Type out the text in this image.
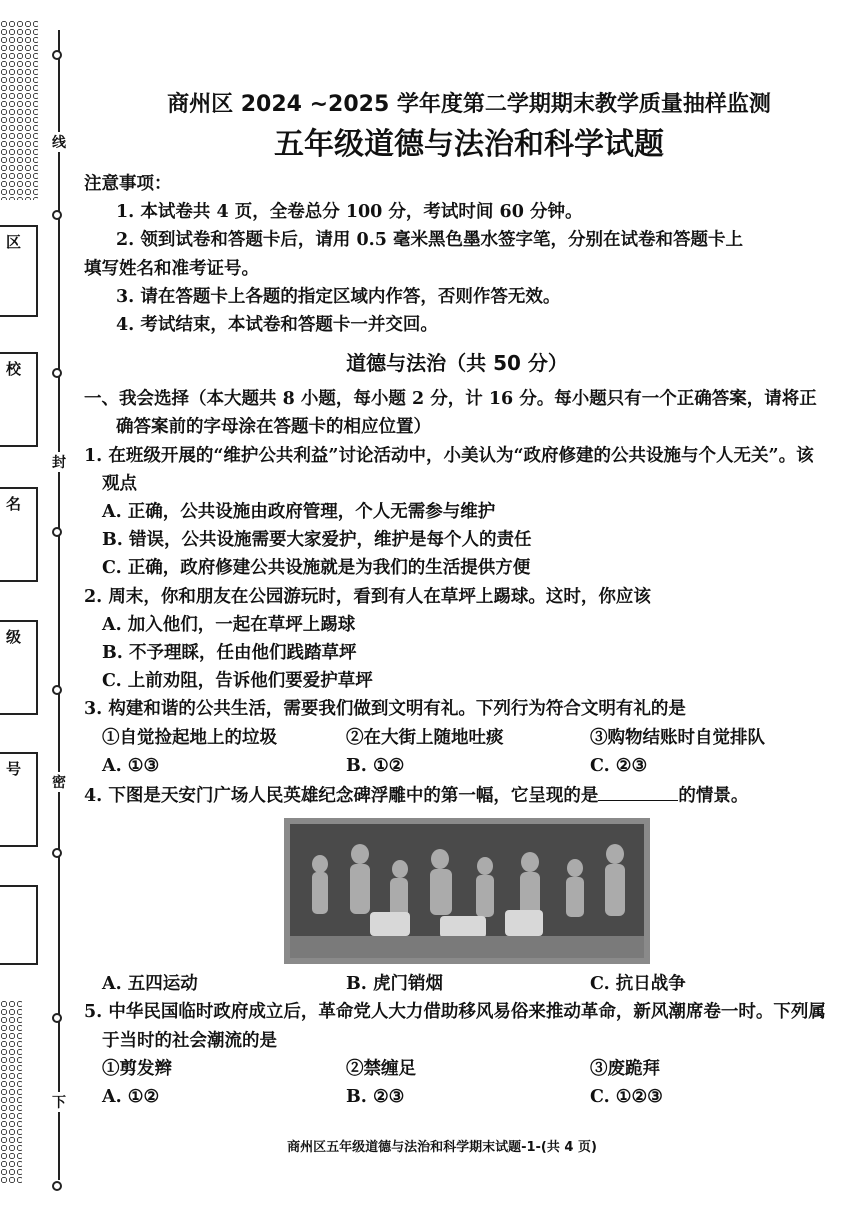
线
封
密
下
区
校
名
级
号
商州区 2024 ~2025 学年度第二学期期末教学质量抽样监测
五年级道德与法治和科学试题
注意事项：
1. 本试卷共 4 页，全卷总分 100 分，考试时间 60 分钟。
2. 领到试卷和答题卡后，请用 0.5 毫米黑色墨水签字笔，分别在试卷和答题卡上
填写姓名和准考证号。
3. 请在答题卡上各题的指定区域内作答，否则作答无效。
4. 考试结束，本试卷和答题卡一并交回。
道德与法治（共 50 分）
一、我会选择（本大题共 8 小题，每小题 2 分，计 16 分。每小题只有一个正确答案，请将正确答案前的字母涂在答题卡的相应位置）
1. 在班级开展的“维护公共利益”讨论活动中，小美认为“政府修建的公共设施与个人无关”。该观点
A. 正确，公共设施由政府管理，个人无需参与维护
B. 错误，公共设施需要大家爱护，维护是每个人的责任
C. 正确，政府修建公共设施就是为我们的生活提供方便
2. 周末，你和朋友在公园游玩时，看到有人在草坪上踢球。这时，你应该
A. 加入他们，一起在草坪上踢球
B. 不予理睬，任由他们践踏草坪
C. 上前劝阻，告诉他们要爱护草坪
3. 构建和谐的公共生活，需要我们做到文明有礼。下列行为符合文明有礼的是
①自觉捡起地上的垃圾	②在大街上随地吐痰	③购物结账时自觉排队
A. ①③	B. ①②	C. ②③
4. 下图是天安门广场人民英雄纪念碑浮雕中的第一幅，它呈现的是	的情景。
A. 五四运动	B. 虎门销烟	C. 抗日战争
5. 中华民国临时政府成立后，革命党人大力借助移风易俗来推动革命，新风潮席卷一时。下列属于当时的社会潮流的是
①剪发辫	②禁缠足	③废跪拜
A. ①②	B. ②③	C. ①②③
商州区五年级道德与法治和科学期末试题-1-(共 4 页)
